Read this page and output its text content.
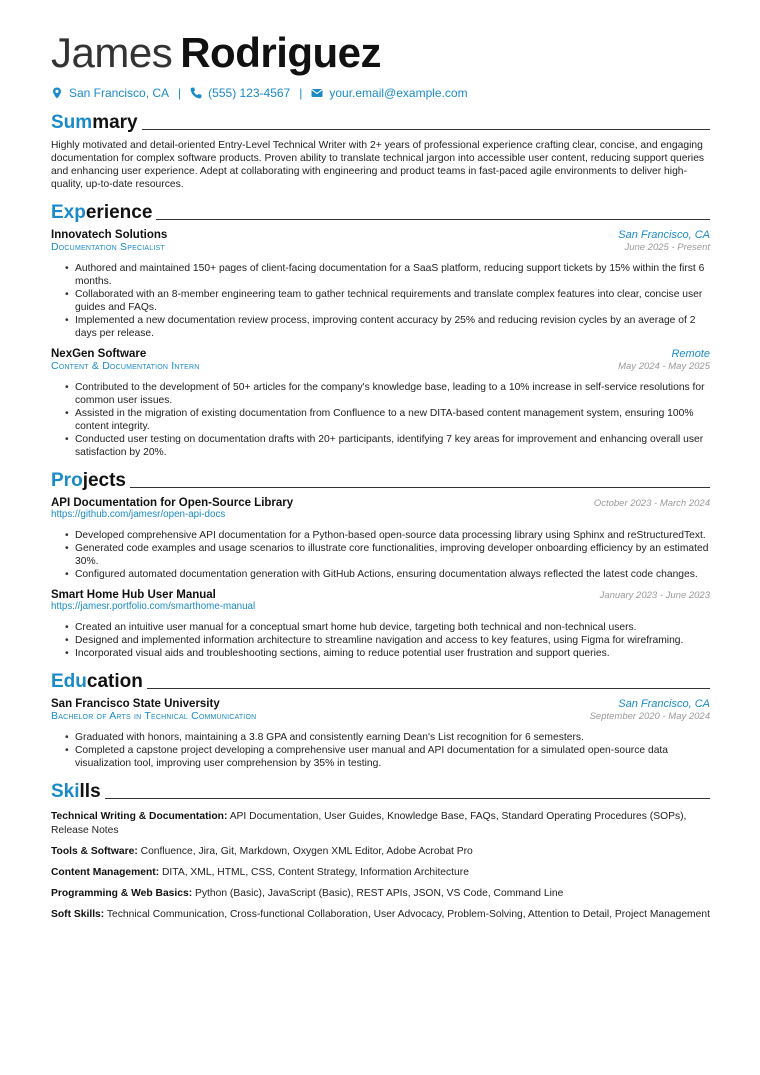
James Rodriguez
San Francisco, CA | (555) 123-4567 | your.email@example.com
Summary

Highly motivated and detail-oriented Entry-Level Technical Writer with 2+ years of professional experience crafting clear, concise, and engaging documentation for complex software products. Proven ability to translate technical jargon into accessible user content, reducing support queries and enhancing user experience. Adept at collaborating with engineering and product teams in fast-paced agile environments to deliver high-quality, up-to-date resources.

Experience
Innovatech Solutions	San Francisco, CA
Documentation Specialist	June 2025 - Present
• Authored and maintained 150+ pages of client-facing documentation for a SaaS platform, reducing support tickets by 15% within the first 6 months.
• Collaborated with an 8-member engineering team to gather technical requirements and translate complex features into clear, concise user guides and FAQs.
• Implemented a new documentation review process, improving content accuracy by 25% and reducing revision cycles by an average of 2 days per release.
NexGen Software	Remote
Content & Documentation Intern	May 2024 - May 2025
• Contributed to the development of 50+ articles for the company's knowledge base, leading to a 10% increase in self-service resolutions for common user issues.
• Assisted in the migration of existing documentation from Confluence to a new DITA-based content management system, ensuring 100% content integrity.
• Conducted user testing on documentation drafts with 20+ participants, identifying 7 key areas for improvement and enhancing overall user satisfaction by 20%.
Projects
API Documentation for Open-Source Library	October 2023 - March 2024
https://github.com/jamesr/open-api-docs
• Developed comprehensive API documentation for a Python-based open-source data processing library using Sphinx and reStructuredText.
• Generated code examples and usage scenarios to illustrate core functionalities, improving developer onboarding efficiency by an estimated 30%.
• Configured automated documentation generation with GitHub Actions, ensuring documentation always reflected the latest code changes.
Smart Home Hub User Manual	January 2023 - June 2023
https://jamesr.portfolio.com/smarthome-manual
• Created an intuitive user manual for a conceptual smart home hub device, targeting both technical and non-technical users.
• Designed and implemented information architecture to streamline navigation and access to key features, using Figma for wireframing.
• Incorporated visual aids and troubleshooting sections, aiming to reduce potential user frustration and support queries.
Education
San Francisco State University	San Francisco, CA
Bachelor of Arts in Technical Communication	September 2020 - May 2024
• Graduated with honors, maintaining a 3.8 GPA and consistently earning Dean's List recognition for 6 semesters.
• Completed a capstone project developing a comprehensive user manual and API documentation for a simulated open-source data visualization tool, improving user comprehension by 35% in testing.
Skills
Technical Writing & Documentation: API Documentation, User Guides, Knowledge Base, FAQs, Standard Operating Procedures (SOPs), Release Notes
Tools & Software: Confluence, Jira, Git, Markdown, Oxygen XML Editor, Adobe Acrobat Pro
Content Management: DITA, XML, HTML, CSS, Content Strategy, Information Architecture
Programming & Web Basics: Python (Basic), JavaScript (Basic), REST APIs, JSON, VS Code, Command Line
Soft Skills: Technical Communication, Cross-functional Collaboration, User Advocacy, Problem-Solving, Attention to Detail, Project Management
